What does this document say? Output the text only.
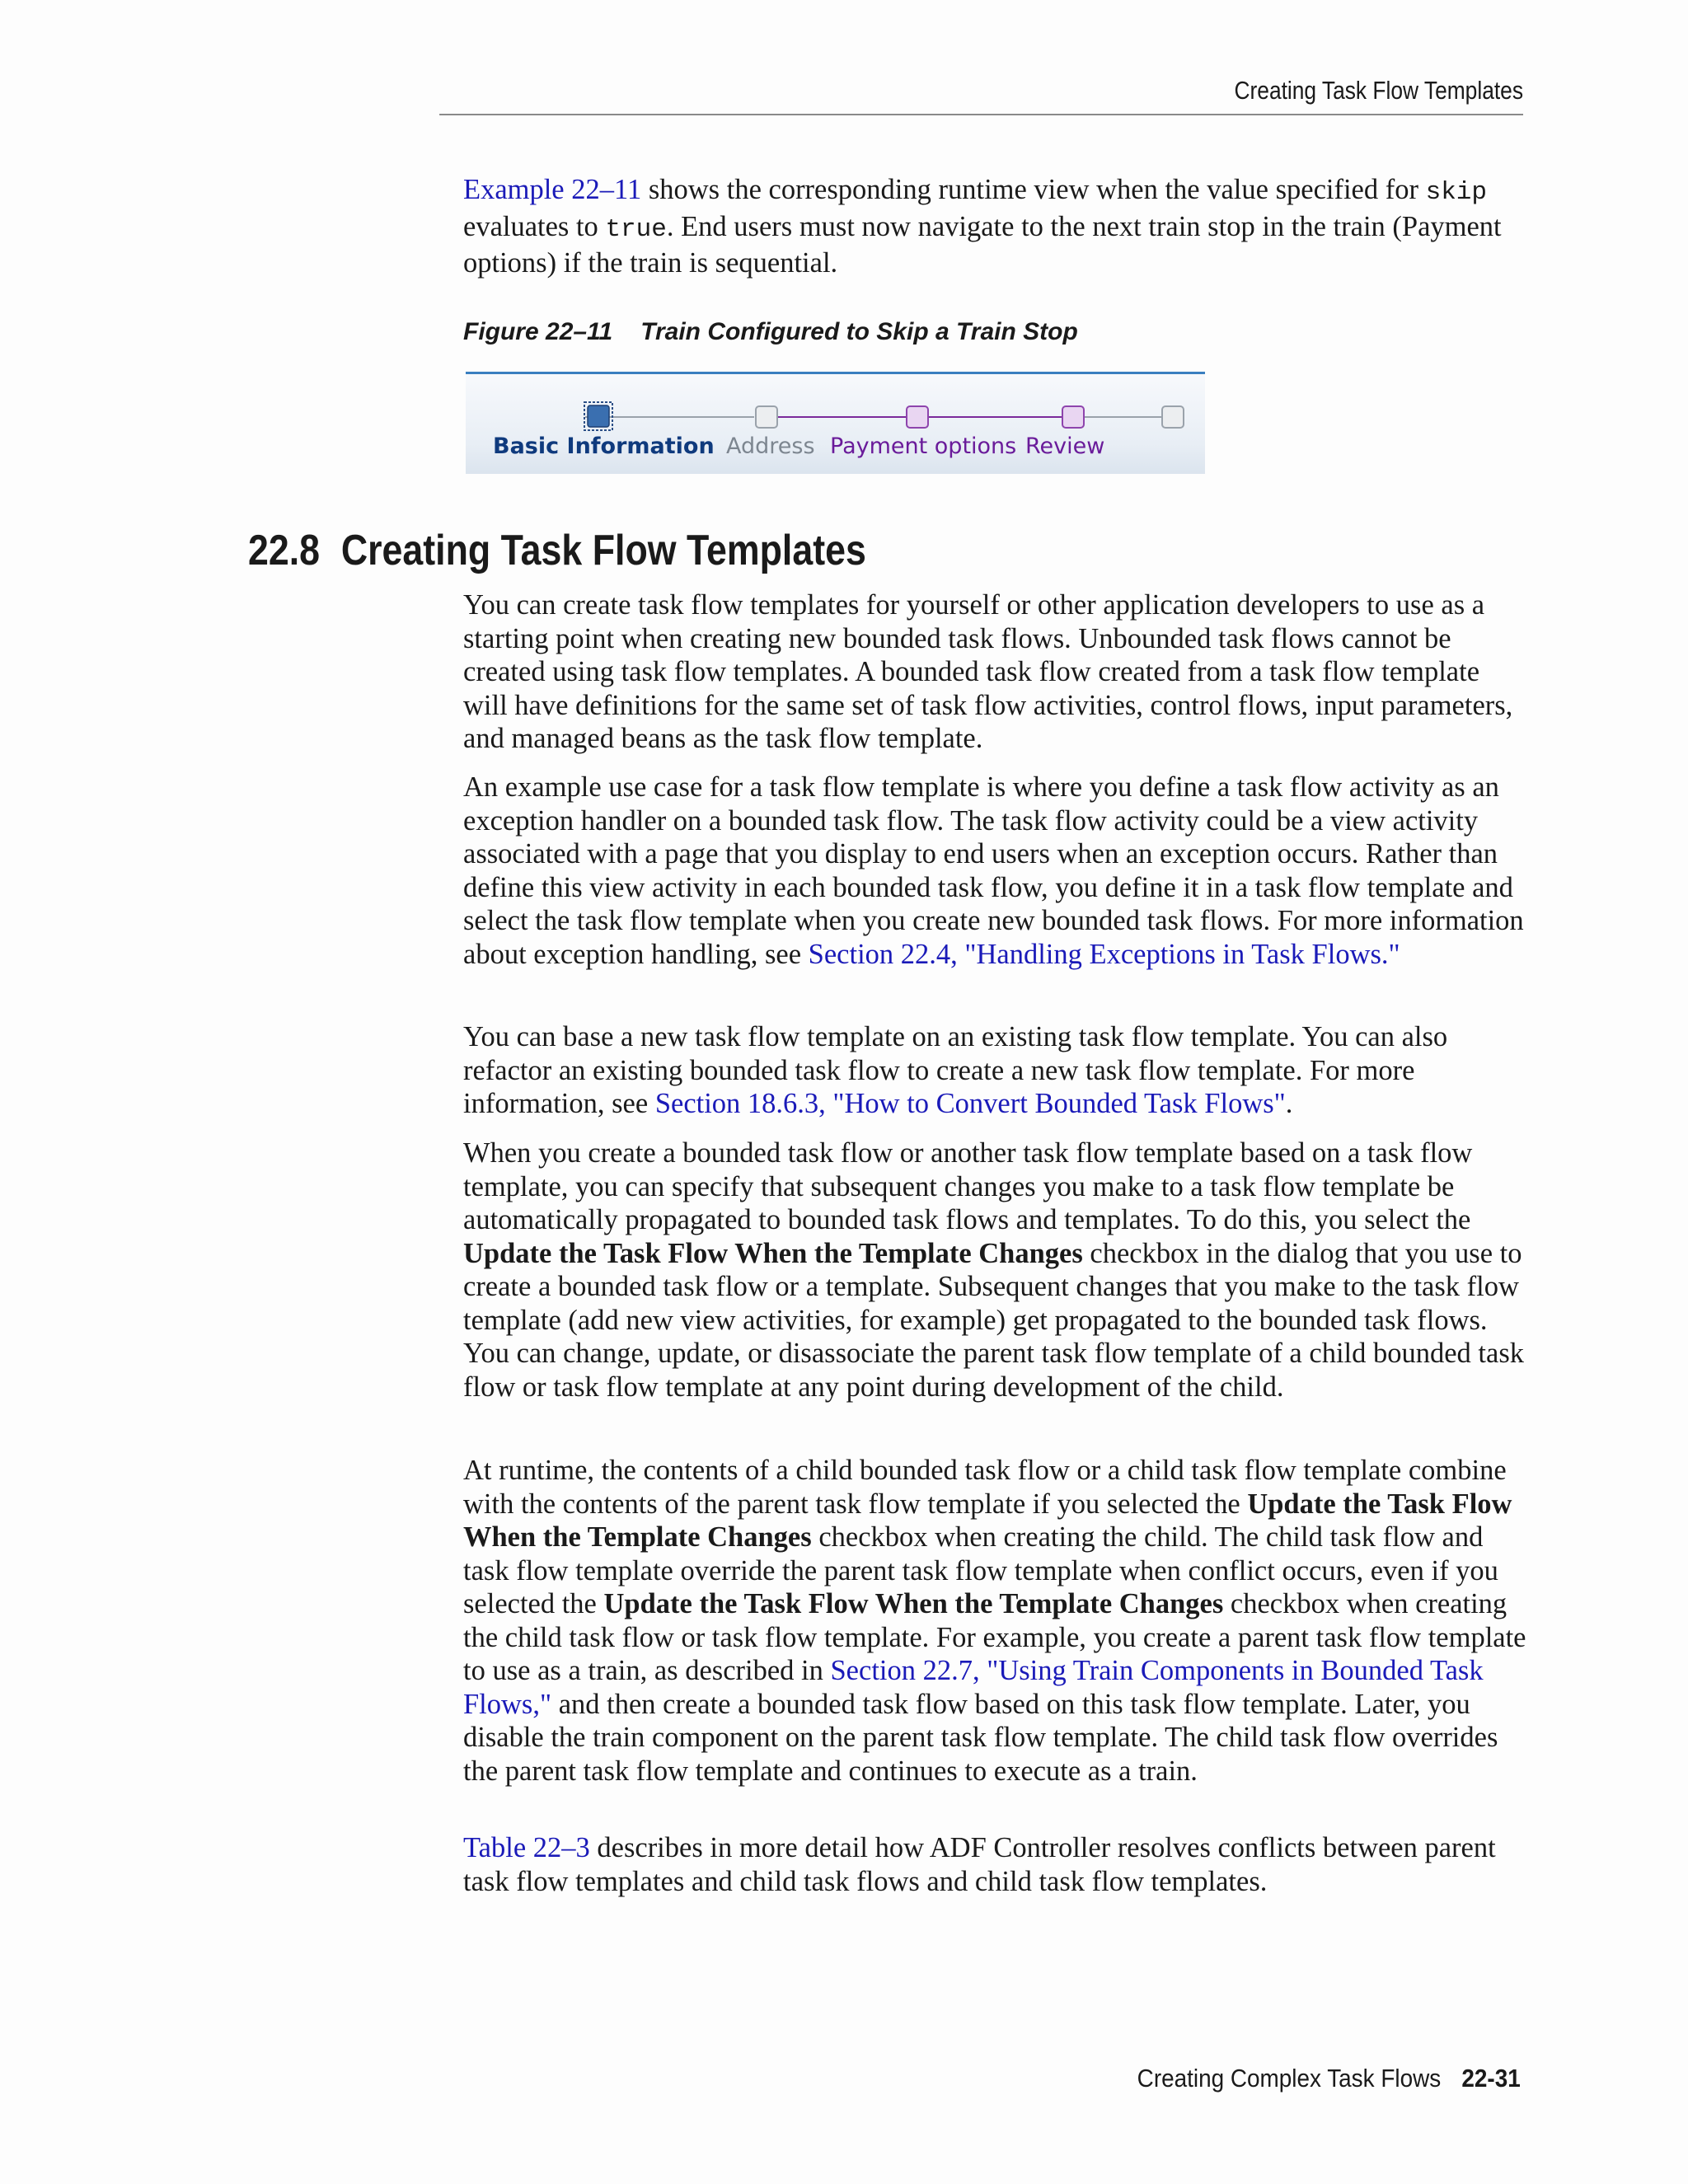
Creating Task Flow Templates

Example 22–11 shows the corresponding runtime view when the value specified for skip evaluates to true. End users must now navigate to the next train stop in the train (Payment options) if the train is sequential.

Figure 22–11 Train Configured to Skip a Train Stop
Basic Information Address Payment options Review
22.8 Creating Task Flow Templates

You can create task flow templates for yourself or other application developers to use as a starting point when creating new bounded task flows. Unbounded task flows cannot be created using task flow templates. A bounded task flow created from a task flow template will have definitions for the same set of task flow activities, control flows, input parameters, and managed beans as the task flow template.

An example use case for a task flow template is where you define a task flow activity as an exception handler on a bounded task flow. The task flow activity could be a view activity associated with a page that you display to end users when an exception occurs. Rather than define this view activity in each bounded task flow, you define it in a task flow template and select the task flow template when you create new bounded task flows. For more information about exception handling, see Section 22.4, "Handling Exceptions in Task Flows."

You can base a new task flow template on an existing task flow template. You can also refactor an existing bounded task flow to create a new task flow template. For more information, see Section 18.6.3, "How to Convert Bounded Task Flows".

When you create a bounded task flow or another task flow template based on a task flow template, you can specify that subsequent changes you make to a task flow template be automatically propagated to bounded task flows and templates. To do this, you select the Update the Task Flow When the Template Changes checkbox in the dialog that you use to create a bounded task flow or a template. Subsequent changes that you make to the task flow template (add new view activities, for example) get propagated to the bounded task flows. You can change, update, or disassociate the parent task flow template of a child bounded task flow or task flow template at any point during development of the child.

At runtime, the contents of a child bounded task flow or a child task flow template combine with the contents of the parent task flow template if you selected the Update the Task Flow When the Template Changes checkbox when creating the child. The child task flow and task flow template override the parent task flow template when conflict occurs, even if you selected the Update the Task Flow When the Template Changes checkbox when creating the child task flow or task flow template. For example, you create a parent task flow template to use as a train, as described in Section 22.7, "Using Train Components in Bounded Task Flows," and then create a bounded task flow based on this task flow template. Later, you disable the train component on the parent task flow template. The child task flow overrides the parent task flow template and continues to execute as a train.

Table 22–3 describes in more detail how ADF Controller resolves conflicts between parent task flow templates and child task flows and child task flow templates.

Creating Complex Task Flows 22-31
